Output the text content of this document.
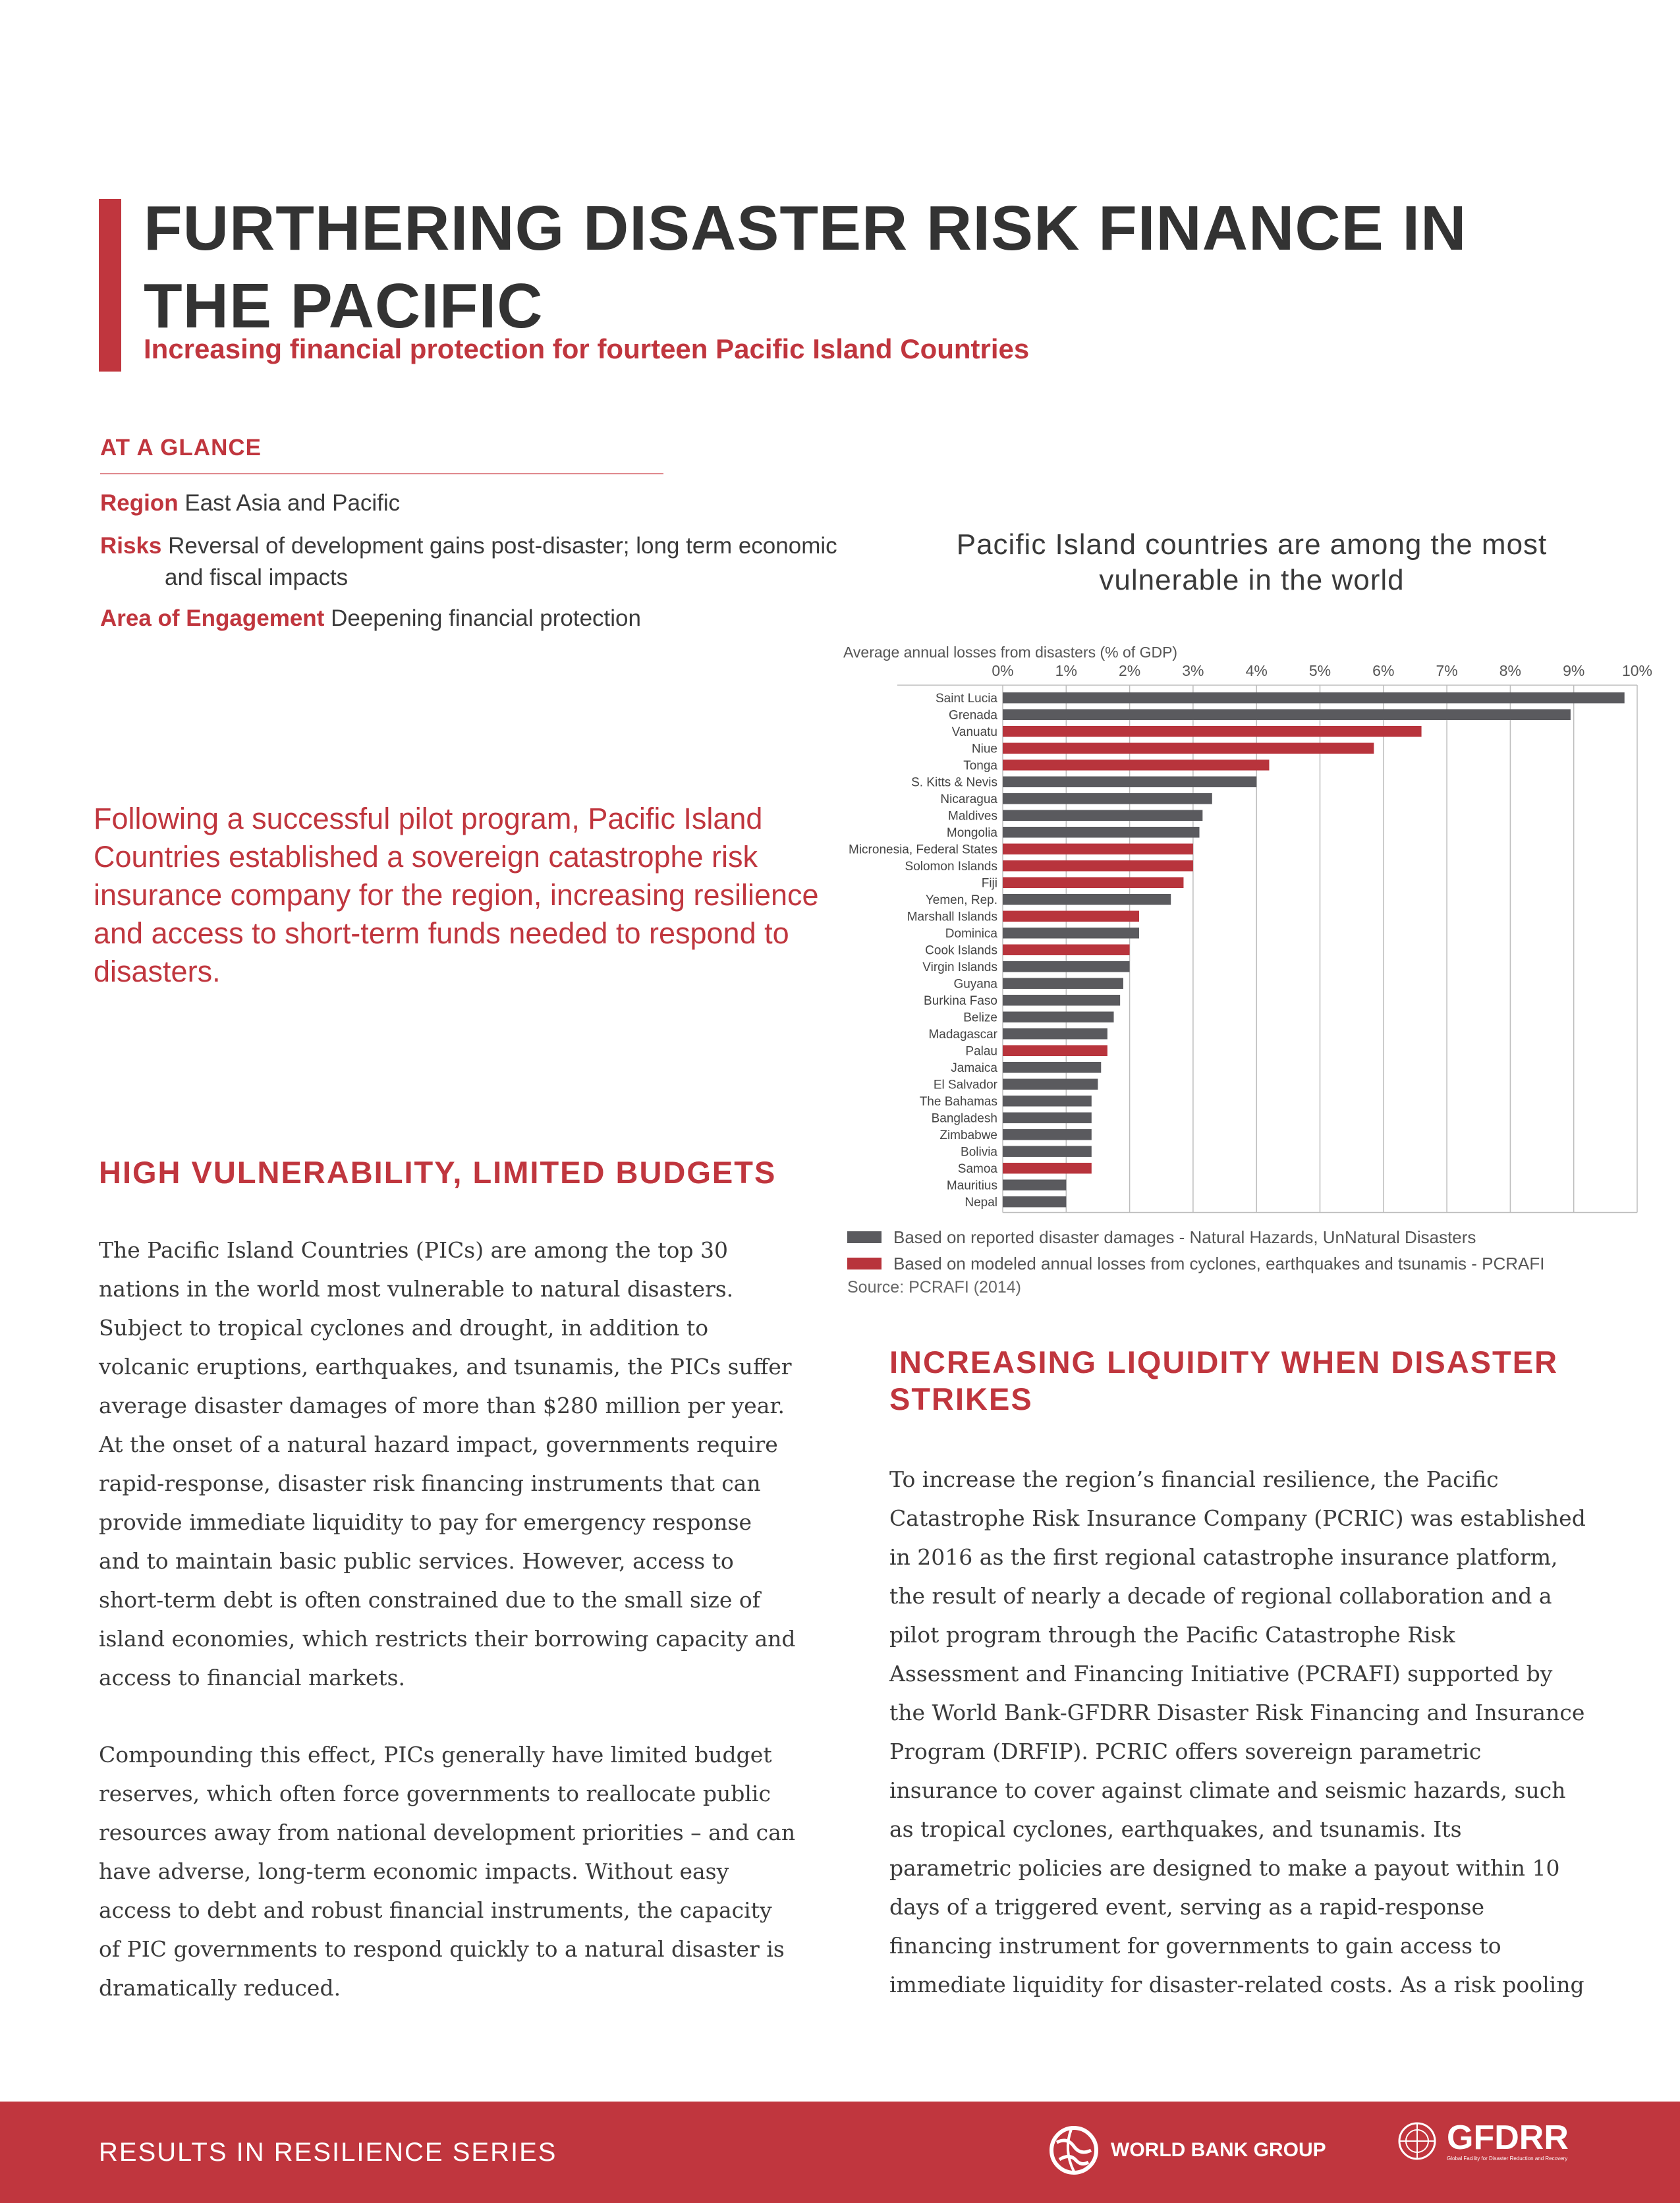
FURTHERING DISASTER RISK FINANCE IN THE PACIFIC
Increasing financial protection for fourteen Pacific Island Countries
AT A GLANCE
Region East Asia and Pacific
Risks Reversal of development gains post-disaster; long term economic and fiscal impacts
Area of Engagement Deepening financial protection
Following a successful pilot program, Pacific Island Countries established a sovereign catastrophe risk insurance company for the region, increasing resilience and access to short-term funds needed to respond to disasters.
Pacific Island countries are among the most vulnerable in the world
Average annual losses from disasters (% of GDP)
0%	1%	2%	3%	4%	5%	6%	7%	8%	9% 10%
Saint Lucia
Grenada
Vanuatu
Niue
Tonga
S. Kitts & Nevis
Nicaragua
Maldives
Mongolia
Micronesia, Federal States
Solomon Islands
Fiji
Yemen, Rep.
Marshall Islands
Dominica
Cook Islands
Virgin Islands
Guyana
Burkina Faso
Belize
Madagascar
Palau
Jamaica
El Salvador
The Bahamas
Bangladesh
Zimbabwe
Bolivia
Samoa
Mauritius
Nepal
Based on reported disaster damages - Natural Hazards, UnNatural Disasters
Based on modeled annual losses from cyclones, earthquakes and tsunamis - PCRAFI
Source: PCRAFI (2014)
HIGH VULNERABILITY, LIMITED BUDGETS
The Pacific Island Countries (PICs) are among the top 30 nations in the world most vulnerable to natural disasters. Subject to tropical cyclones and drought, in addition to volcanic eruptions, earthquakes, and tsunamis, the PICs suffer average disaster damages of more than $280 million per year. At the onset of a natural hazard impact, governments require rapid-response, disaster risk financing instruments that can provide immediate liquidity to pay for emergency response and to maintain basic public services. However, access to short-term debt is often constrained due to the small size of island economies, which restricts their borrowing capacity and access to financial markets.
Compounding this effect, PICs generally have limited budget reserves, which often force governments to reallocate public resources away from national development priorities – and can have adverse, long-term economic impacts. Without easy access to debt and robust financial instruments, the capacity of PIC governments to respond quickly to a natural disaster is dramatically reduced.
INCREASING LIQUIDITY WHEN DISASTER STRIKES
To increase the region’s financial resilience, the Pacific Catastrophe Risk Insurance Company (PCRIC) was established in 2016 as the first regional catastrophe insurance platform, the result of nearly a decade of regional collaboration and a pilot program through the Pacific Catastrophe Risk Assessment and Financing Initiative (PCRAFI) supported by the World Bank-GFDRR Disaster Risk Financing and Insurance Program (DRFIP). PCRIC offers sovereign parametric insurance to cover against climate and seismic hazards, such as tropical cyclones, earthquakes, and tsunamis. Its parametric policies are designed to make a payout within 10 days of a triggered event, serving as a rapid-response financing instrument for governments to gain access to immediate liquidity for disaster-related costs. As a risk pooling
RESULTS IN RESILIENCE SERIES	WORLD BANK GROUP	GFDRR
Global Facility for Disaster Reduction and Recovery
